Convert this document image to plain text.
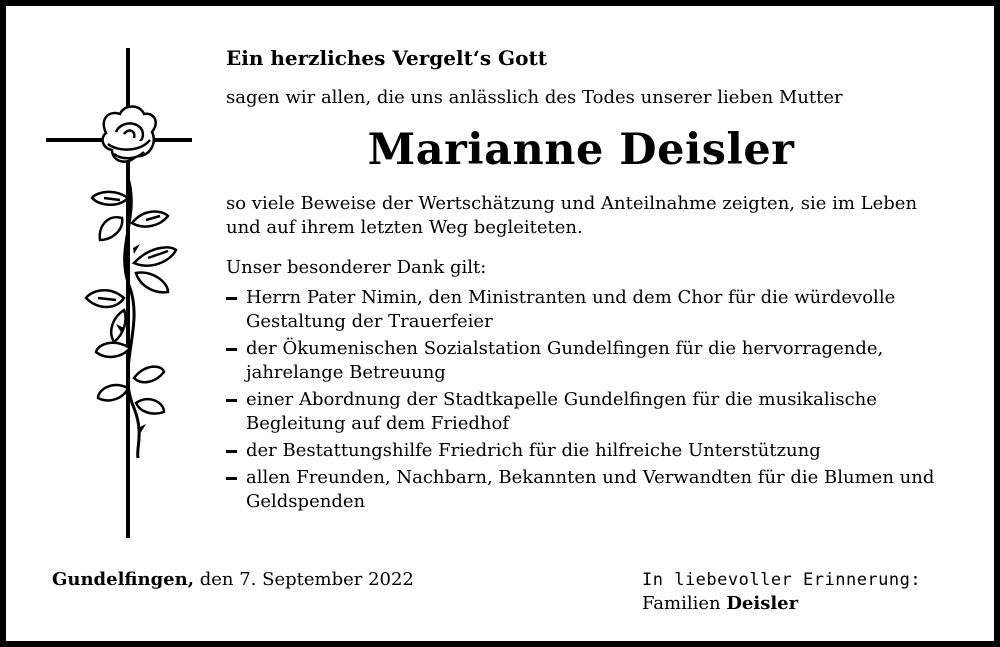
Ein herzliches Vergelt‘s Gott

sagen wir allen, die uns anlässlich des Todes unserer lieben Mutter

Marianne Deisler

so viele Beweise der Wertschätzung und Anteilnahme zeigten, sie im Leben und auf ihrem letzten Weg begleiteten.

Unser besonderer Dank gilt:

Herrn Pater Nimin, den Ministranten und dem Chor für die würdevolle Gestaltung der Trauerfeier
der Ökumenischen Sozialstation Gundelfingen für die hervorragende, jahrelange Betreuung
einer Abordnung der Stadtkapelle Gundelfingen für die musikalische Begleitung auf dem Friedhof
der Bestattungshilfe Friedrich für die hilfreiche Unterstützung
allen Freunden, Nachbarn, Bekannten und Verwandten für die Blumen und Geldspenden
Gundelfingen, den 7. September 2022	In liebevoller Erinnerung:
Familien Deisler
